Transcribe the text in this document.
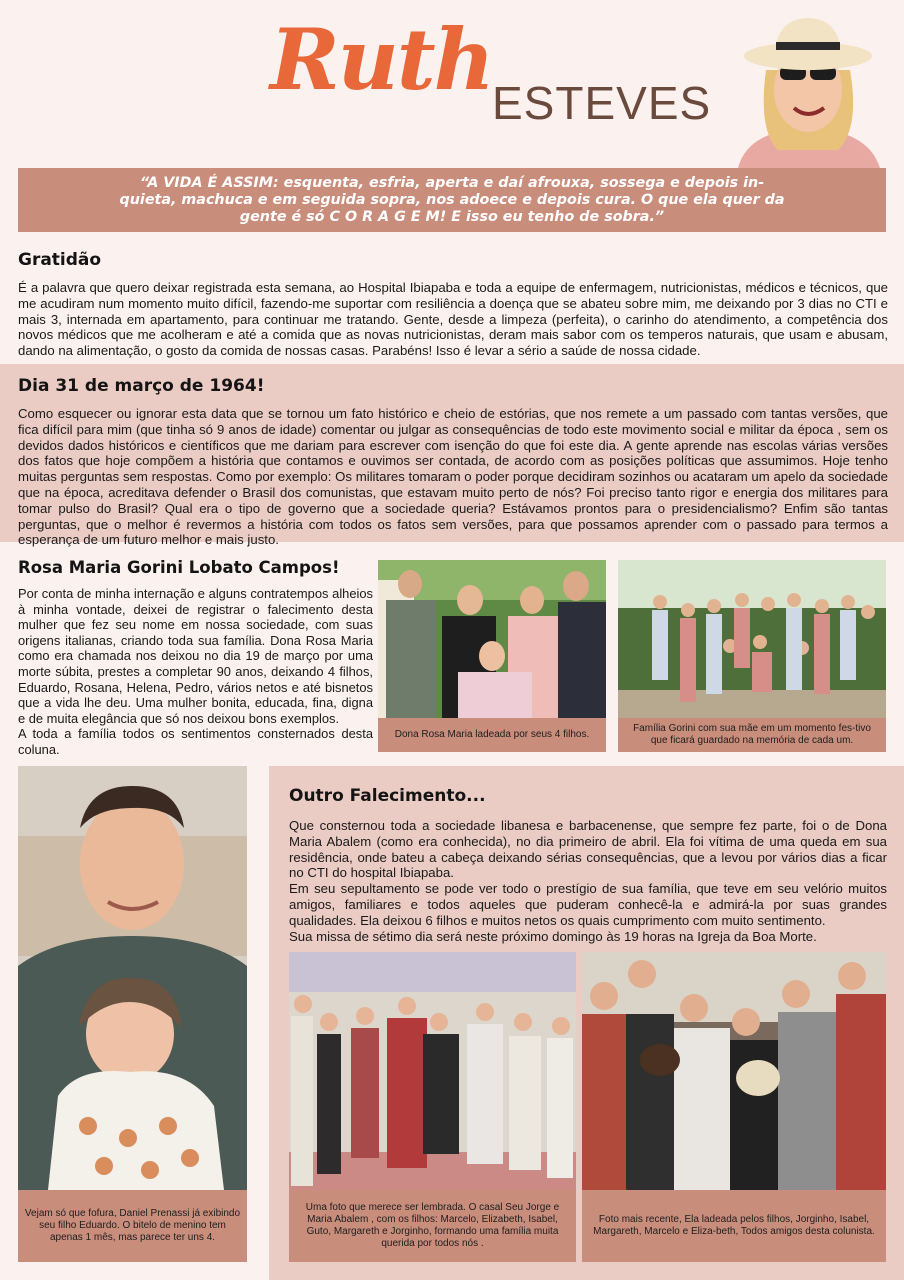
Ruth ESTEVES
“A VIDA É ASSIM: esquenta, esfria, aperta e daí afrouxa, sossega e depois in-quieta, machuca e em seguida sopra, nos adoece e depois cura. O que ela quer da gente é só C O R A G E M! E isso eu tenho de sobra.”
Gratidão
É a palavra que quero deixar registrada esta semana, ao Hospital Ibiapaba e toda a equipe de enfermagem, nutricionistas, médicos e técnicos, que me acudiram num momento muito difícil, fazendo-me suportar com resiliência a doença que se abateu sobre mim, me deixando por 3 dias no CTI e mais 3, internada em apartamento, para continuar me tratando. Gente, desde a limpeza (perfeita), o carinho do atendimento, a competência dos novos médicos que me acolheram e até a comida que as novas nutricionistas, deram mais sabor com os temperos naturais, que usam e abusam, dando na alimentação, o gosto da comida de nossas casas. Parabéns! Isso é levar a sério a saúde de nossa cidade.
Dia 31 de março de 1964!
Como esquecer ou ignorar esta data que se tornou um fato histórico e cheio de estórias, que nos remete a um passado com tantas versões, que fica difícil para mim (que tinha só 9 anos de idade) comentar ou julgar as consequências de todo este movimento social e militar da época , sem os devidos dados históricos e científicos que me dariam para escrever com isenção do que foi este dia. A gente aprende nas escolas várias versões dos fatos que hoje compõem a história que contamos e ouvimos ser contada, de acordo com as posições políticas que assumimos. Hoje tenho muitas perguntas sem respostas. Como por exemplo: Os militares tomaram o poder porque decidiram sozinhos ou acataram um apelo da sociedade que na época, acreditava defender o Brasil dos comunistas, que estavam muito perto de nós? Foi preciso tanto rigor e energia dos militares para tomar pulso do Brasil? Qual era o tipo de governo que a sociedade queria? Estávamos prontos para o presidencialismo? Enfim são tantas perguntas, que o melhor é revermos a história com todos os fatos sem versões, para que possamos aprender com o passado para termos a esperança de um futuro melhor e mais justo.
Rosa Maria Gorini Lobato Campos!
Por conta de minha internação e alguns contratempos alheios à minha vontade, deixei de registrar o falecimento desta mulher que fez seu nome em nossa sociedade, com suas origens italianas, criando toda sua família. Dona Rosa Maria como era chamada nos deixou no dia 19 de março por uma morte súbita, prestes a completar 90 anos, deixando 4 filhos, Eduardo, Rosana, Helena, Pedro, vários netos e até bisnetos que a vida lhe deu. Uma mulher bonita, educada, fina, digna e de muita elegância que só nos deixou bons exemplos.
A toda a família todos os sentimentos consternados desta coluna.
Dona Rosa Maria ladeada por seus 4 filhos.
Família Gorini com sua mãe em um momento fes-tivo que ficará guardado na memória de cada um.
Vejam só que fofura, Daniel Prenassi já exibindo seu filho Eduardo. O bitelo de menino tem apenas 1 mês, mas parece ter uns 4.
Outro Falecimento...
Que consternou toda a sociedade libanesa e barbacenense, que sempre fez parte, foi o de Dona Maria Abalem (como era conhecida), no dia primeiro de abril. Ela foi vítima de uma queda em sua residência, onde bateu a cabeça deixando sérias consequências, que a levou por vários dias a ficar no CTI do hospital Ibiapaba.
Em seu sepultamento se pode ver todo o prestígio de sua família, que teve em seu velório muitos amigos, familiares e todos aqueles que puderam conhecê-la e admirá-la por suas grandes qualidades. Ela deixou 6 filhos e muitos netos os quais cumprimento com muito sentimento.
Sua missa de sétimo dia será neste próximo domingo às 19 horas na Igreja da Boa Morte.
Uma foto que merece ser lembrada. O casal Seu Jorge e Maria Abalem , com os filhos: Marcelo, Elizabeth, Isabel, Guto, Margareth e Jorginho, formando uma família muita querida por todos nós .
Foto mais recente, Ela ladeada pelos filhos, Jorginho, Isabel, Margareth, Marcelo e Eliza-beth, Todos amigos desta colunista.
